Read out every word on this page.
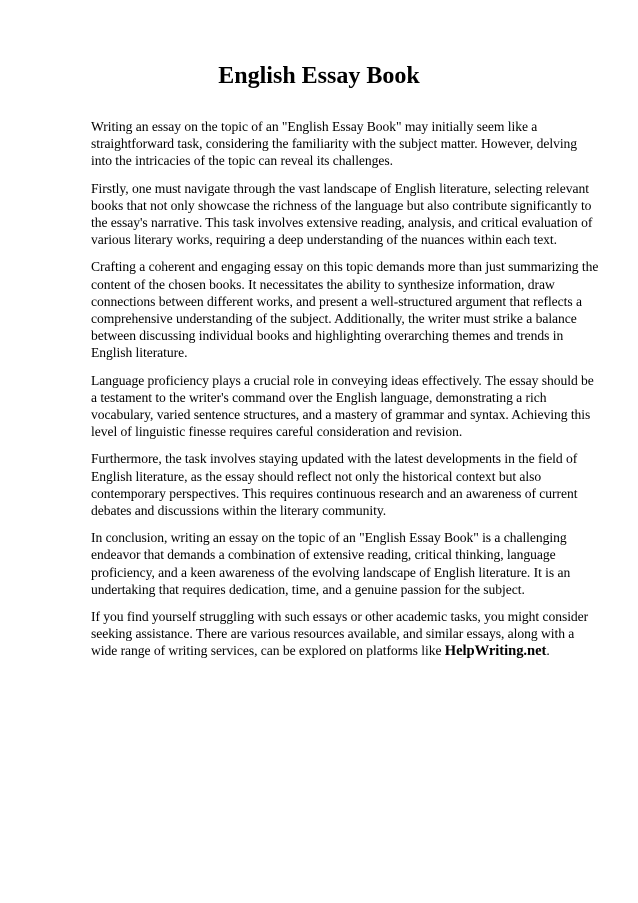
English Essay Book

Writing an essay on the topic of an "English Essay Book" may initially seem like a straightforward task, considering the familiarity with the subject matter. However, delving into the intricacies of the topic can reveal its challenges.

Firstly, one must navigate through the vast landscape of English literature, selecting relevant books that not only showcase the richness of the language but also contribute significantly to the essay's narrative. This task involves extensive reading, analysis, and critical evaluation of various literary works, requiring a deep understanding of the nuances within each text.

Crafting a coherent and engaging essay on this topic demands more than just summarizing the content of the chosen books. It necessitates the ability to synthesize information, draw connections between different works, and present a well-structured argument that reflects a comprehensive understanding of the subject. Additionally, the writer must strike a balance between discussing individual books and highlighting overarching themes and trends in English literature.

Language proficiency plays a crucial role in conveying ideas effectively. The essay should be a testament to the writer's command over the English language, demonstrating a rich vocabulary, varied sentence structures, and a mastery of grammar and syntax. Achieving this level of linguistic finesse requires careful consideration and revision.

Furthermore, the task involves staying updated with the latest developments in the field of English literature, as the essay should reflect not only the historical context but also contemporary perspectives. This requires continuous research and an awareness of current debates and discussions within the literary community.

In conclusion, writing an essay on the topic of an "English Essay Book" is a challenging endeavor that demands a combination of extensive reading, critical thinking, language proficiency, and a keen awareness of the evolving landscape of English literature. It is an undertaking that requires dedication, time, and a genuine passion for the subject.

If you find yourself struggling with such essays or other academic tasks, you might consider seeking assistance. There are various resources available, and similar essays, along with a wide range of writing services, can be explored on platforms like HelpWriting.net.
